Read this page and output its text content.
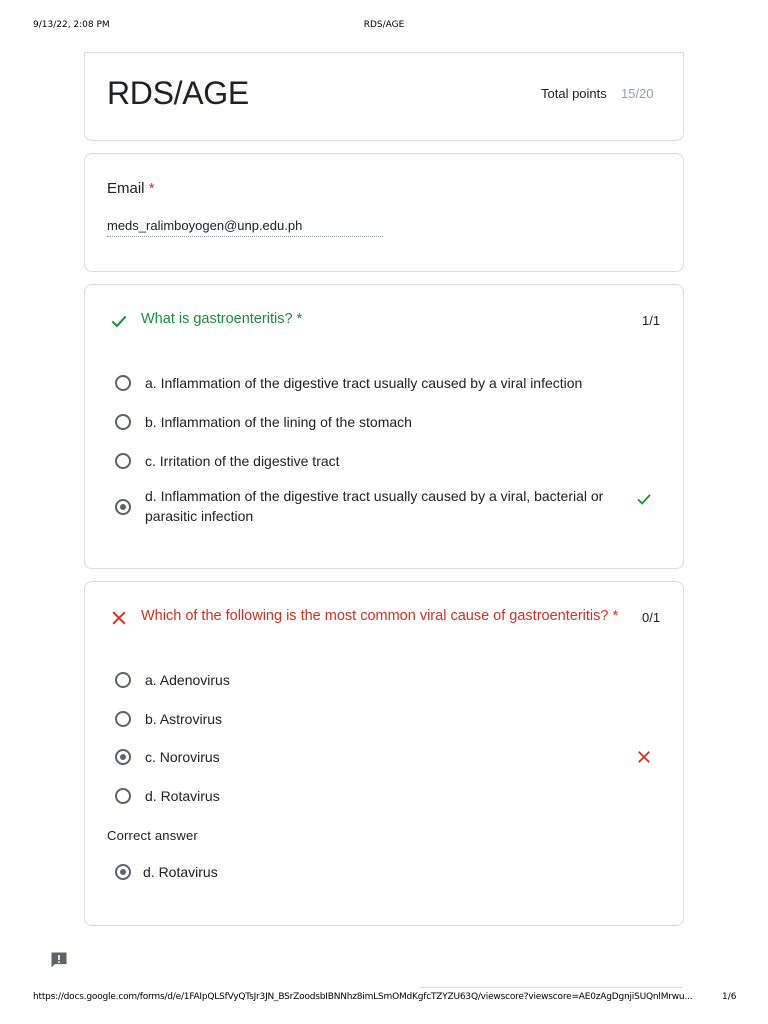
9/13/22, 2:08 PM	RDS/AGE
RDS/AGE	Total points 15/20
Email *
meds_ralimboyogen@unp.edu.ph
What is gastroenteritis? *	1/1
a. Inflammation of the digestive tract usually caused by a viral infection
b. Inflammation of the lining of the stomach
c. Irritation of the digestive tract
d. Inflammation of the digestive tract usually caused by a viral, bacterial or
parasitic infection
Which of the following is the most common viral cause of gastroenteritis? * 0/1
a. Adenovirus
b. Astrovirus
c. Norovirus
d. Rotavirus
Correct answer
d. Rotavirus
https://docs.google.com/forms/d/e/1FAIpQLSfVyQTsJr3JN_BSrZoodsbIBNNhz8imLSmOMdKgfcTZYZU63Q/viewscore?viewscore=AE0zAgDgnjiSUQnlMrwu...	1/6
